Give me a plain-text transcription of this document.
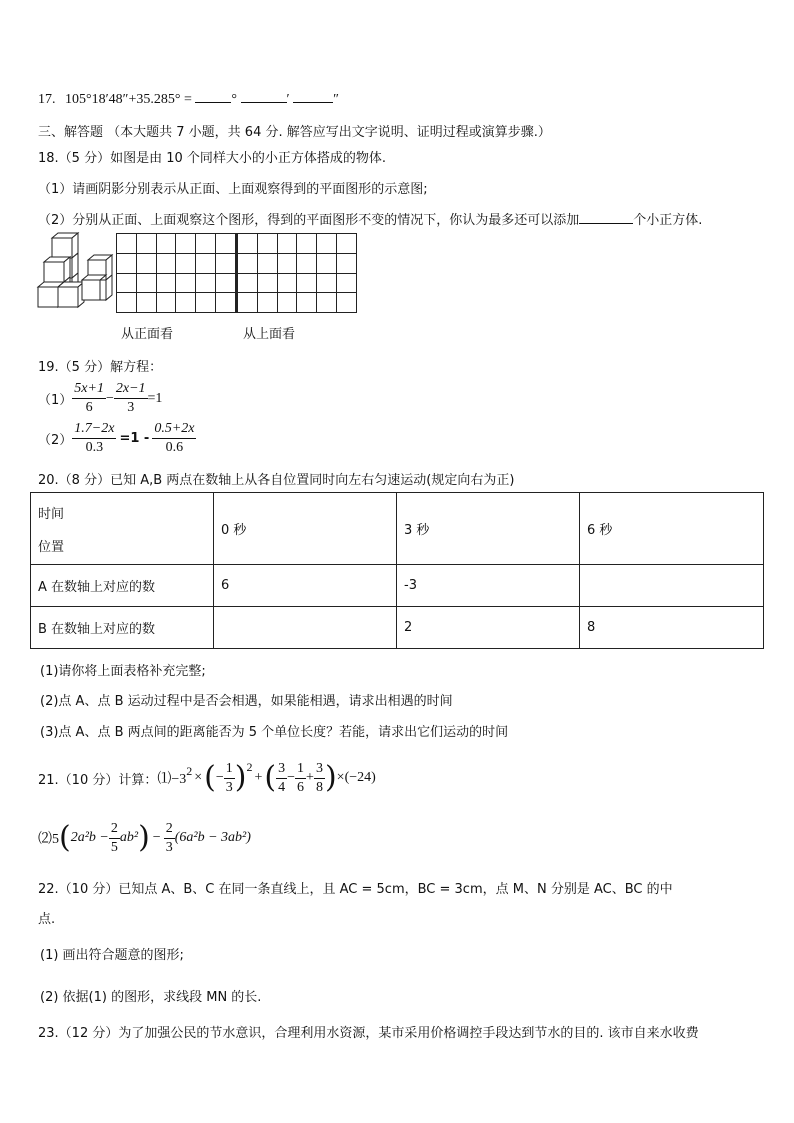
17. 105°18′48″+35.285° =	°	′	″
三、解答题 （本大题共 7 小题，共 64 分. 解答应写出文字说明、证明过程或演算步骤.）
18.（5 分）如图是由 10 个同样大小的小正方体搭成的物体.
（1）请画阴影分别表示从正面、上面观察得到的平面图形的示意图;
（2）分别从正面、上面观察这个图形，得到的平面图形不变的情况下，你认为最多还可以添加	个小正方体.
从正面看	从上面看
19.（5 分）解方程：
$(1) \frac{5x+1}{6} - \frac{2x-1}{3} =1$
$(2) \frac{1.7-2x}{0.3} =1 - \frac{0.5+2x}{0.6}$
20.（8 分）已知 A,B 两点在数轴上从各自位置同时向左右匀速运动(规定向右为正)
时间
位置	0 秒	3 秒	6 秒
A 在数轴上对应的数	6	-3	
B 在数轴上对应的数		2	8
(1)请你将上面表格补充完整;
(2)点 A、点 B 运动过程中是否会相遇，如果能相遇，请求出相遇的时间
(3)点 A、点 B 两点间的距离能否为 5 个单位长度？若能，请求出它们运动的时间
21.（10 分）计算： ⑴−3
2 × ( − $\frac{1}{3}$ ) 2
+ ( $\frac{3}{4} - \frac{1}{6} + \frac{3}{8}$ ) ×(−24)
⑵5 ( $2a^2b - \frac{2}{5} ab^2$ ) − $\frac{2}{3} (6a^2b - 3ab^2)$
22.（10 分）已知点 A、B、C 在同一条直线上，且 AC = 5cm，BC = 3cm，点 M、N 分别是 AC、BC 的中
点.
(1) 画出符合题意的图形;
(2) 依据(1) 的图形，求线段 MN 的长.
23.（12 分）为了加强公民的节水意识，合理利用水资源，某市采用价格调控手段达到节水的目的. 该市自来水收费
